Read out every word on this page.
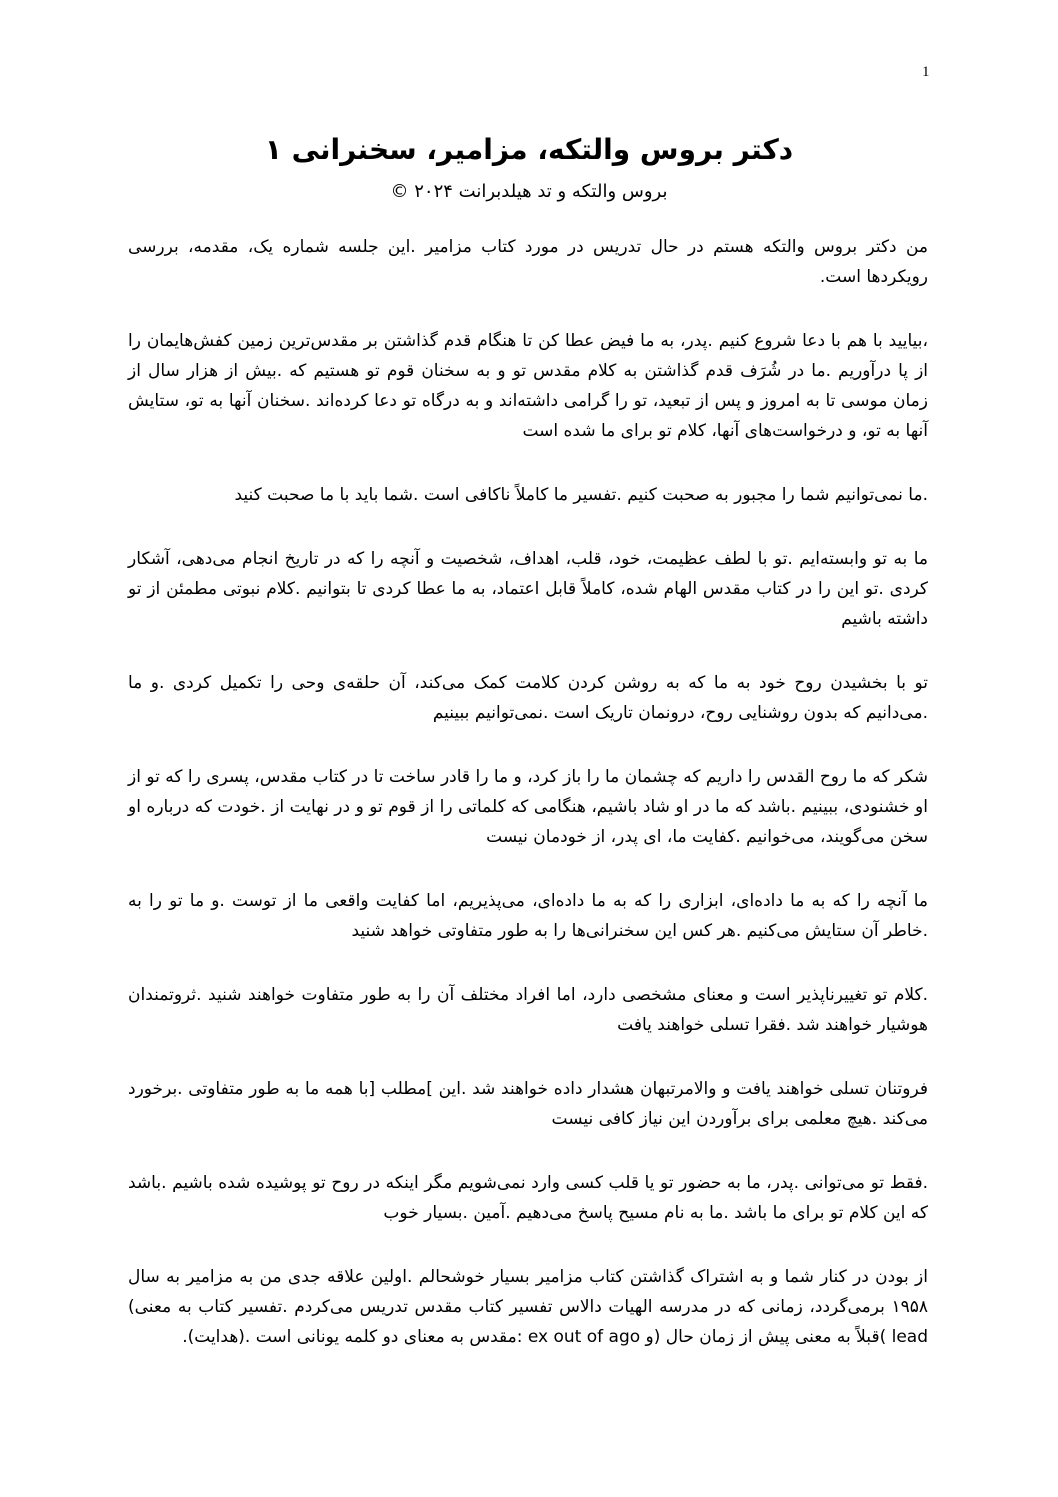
1
دکتر بروس والتکه، مزامیر، سخنرانی ۱
بروس والتکه و تد هیلدبرانت ۲۰۲۴ ©

من دکتر بروس والتکه هستم در حال تدریس در مورد کتاب مزامیر .این جلسه شماره یک، مقدمه، بررسی رویکردها است.

،بیایید با هم با دعا شروع کنیم .پدر، به ما فیض عطا کن تا هنگام قدم گذاشتن بر مقدس‌ترین زمین کفش‌هایمان را از پا درآوریم .ما در شُرَف قدم گذاشتن به کلام مقدس تو و به سخنان قوم تو هستیم که .بیش از هزار سال از زمان موسی تا به امروز و پس از تبعید، تو را گرامی داشته‌اند و به درگاه تو دعا کرده‌اند .سخنان آنها به تو، ستایش آنها به تو، و درخواست‌های آنها، کلام تو برای ما شده است

.ما نمی‌توانیم شما را مجبور به صحبت کنیم .تفسیر ما کاملاً ناکافی است .شما باید با ما صحبت کنید

ما به تو وابسته‌ایم .تو با لطف عظیمت، خود، قلب، اهداف، شخصیت و آنچه را که در تاریخ انجام می‌دهی، آشکار کردی .تو این را در کتاب مقدس الهام شده، کاملاً قابل اعتماد، به ما عطا کردی تا بتوانیم .کلام نبوتی مطمئن از تو داشته باشیم

تو با بخشیدن روح خود به ما که به روشن کردن کلامت کمک می‌کند، آن حلقه‌ی وحی را تکمیل کردی .و ما .می‌دانیم که بدون روشنایی روح، درونمان تاریک است .نمی‌توانیم ببینیم

شکر که ما روح القدس را داریم که چشمان ما را باز کرد، و ما را قادر ساخت تا در کتاب مقدس، پسری را که تو از او خشنودی، ببینیم .باشد که ما در او شاد باشیم، هنگامی که کلماتی را از قوم تو و در نهایت از .خودت که درباره او سخن می‌گویند، می‌خوانیم .کفایت ما، ای پدر، از خودمان نیست

ما آنچه را که به ما داده‌ای، ابزاری را که به ما داده‌ای، می‌پذیریم، اما کفایت واقعی ما از توست .و ما تو را به .خاطر آن ستایش می‌کنیم .هر کس این سخنرانی‌ها را به طور متفاوتی خواهد شنید

.کلام تو تغییرناپذیر است و معنای مشخصی دارد، اما افراد مختلف آن را به طور متفاوت خواهند شنید .ثروتمندان هوشیار خواهند شد .فقرا تسلی خواهند یافت

فروتنان تسلی خواهند یافت و والامرتبهان هشدار داده خواهند شد .این ]مطلب [با همه ما به طور متفاوتی .برخورد می‌کند .هیچ معلمی برای برآوردن این نیاز کافی نیست

.فقط تو می‌توانی .پدر، ما به حضور تو یا قلب کسی وارد نمی‌شویم مگر اینکه در روح تو پوشیده شده باشیم .باشد که این کلام تو برای ما باشد .ما به نام مسیح پاسخ می‌دهیم .آمین .بسیار خوب

از بودن در کنار شما و به اشتراک گذاشتن کتاب مزامیر بسیار خوشحالم .اولین علاقه جدی من به مزامیر به سال ۱۹۵۸ برمی‌گردد، زمانی که در مدرسه الهیات دالاس تفسیر کتاب مقدس تدریس می‌کردم .تفسیر کتاب به معنی) lead )قبلاً به معنی پیش از زمان حال (و ex out of ago :مقدس به معنای دو کلمه یونانی است .(هدایت).
